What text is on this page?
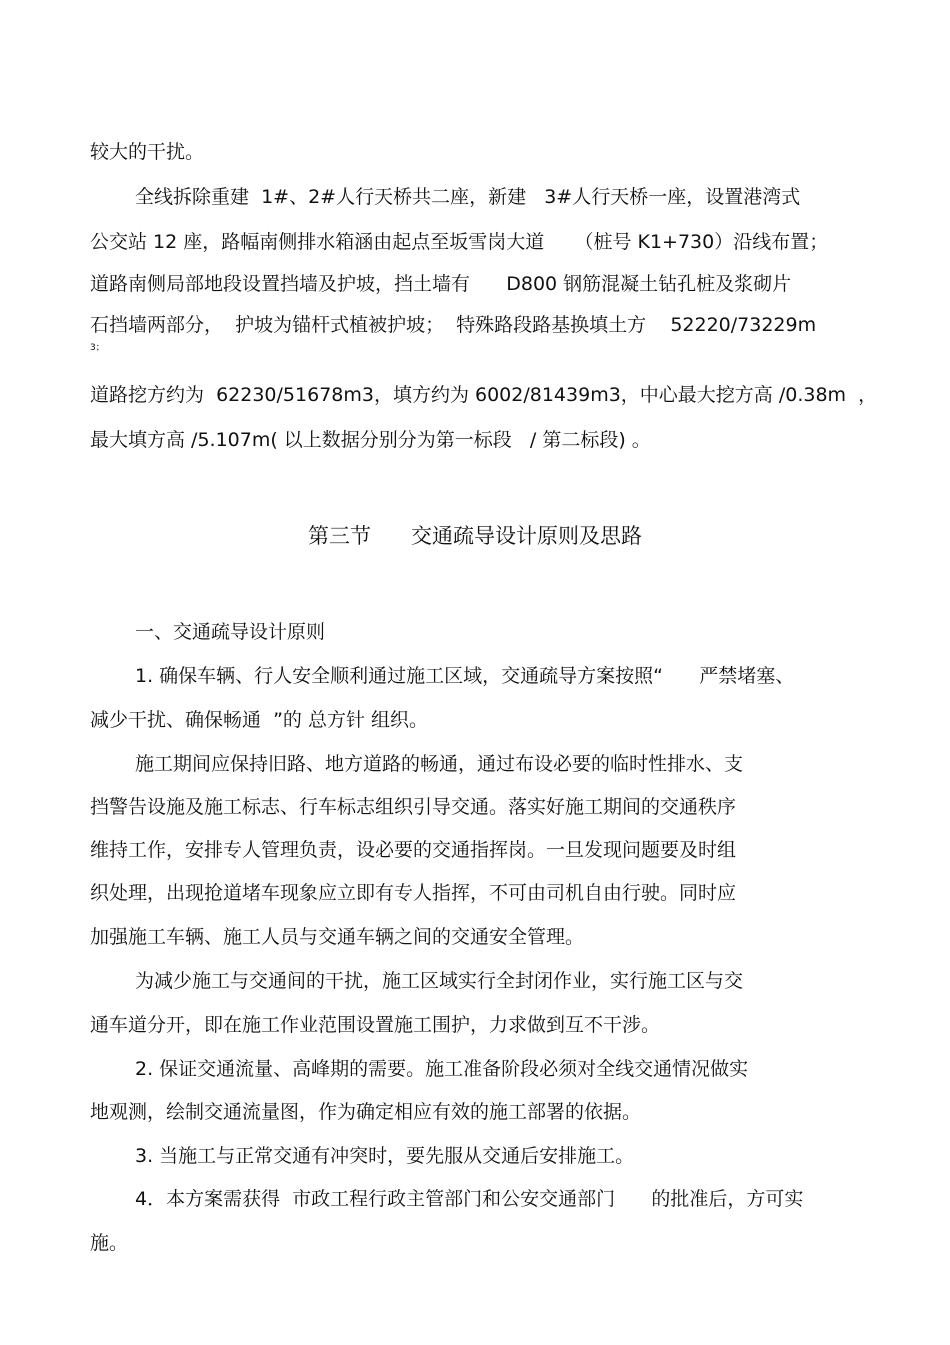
较大的干扰。
全线拆除重建  1#、2#人行天桥共二座，新建   3#人行天桥一座，设置港湾式
公交站 12 座，路幅南侧排水箱涵由起点至坂雪岗大道     （桩号 K1+730）沿线布置；
道路南侧局部地段设置挡墙及护坡，挡土墙有      D800 钢筋混凝土钻孔桩及浆砌片
石挡墙两部分，  护坡为锚杆式植被护坡；  特殊路段路基换填土方    52220/73229m
3；
道路挖方约为  62230/51678m3，填方约为 6002/81439m3，中心最大挖方高 /0.38m  ，
最大填方高 /5.107m( 以上数据分别分为第一标段   / 第二标段) 。
第三节      交通疏导设计原则及思路
一、交通疏导设计原则
1. 确保车辆、行人安全顺利通过施工区域，交通疏导方案按照“      严禁堵塞、
减少干扰、确保畅通  ”的 总方针 组织。
施工期间应保持旧路、地方道路的畅通，通过布设必要的临时性排水、支
挡警告设施及施工标志、行车标志组织引导交通。落实好施工期间的交通秩序
维持工作，安排专人管理负责，设必要的交通指挥岗。一旦发现问题要及时组
织处理，出现抢道堵车现象应立即有专人指挥，不可由司机自由行驶。同时应
加强施工车辆、施工人员与交通车辆之间的交通安全管理。
为减少施工与交通间的干扰，施工区域实行全封闭作业，实行施工区与交
通车道分开，即在施工作业范围设置施工围护，力求做到互不干涉。
2. 保证交通流量、高峰期的需要。施工准备阶段必须对全线交通情况做实
地观测，绘制交通流量图，作为确定相应有效的施工部署的依据。
3. 当施工与正常交通有冲突时，要先服从交通后安排施工。
4．本方案需获得  市政工程行政主管部门和公安交通部门      的批准后，方可实
施。
